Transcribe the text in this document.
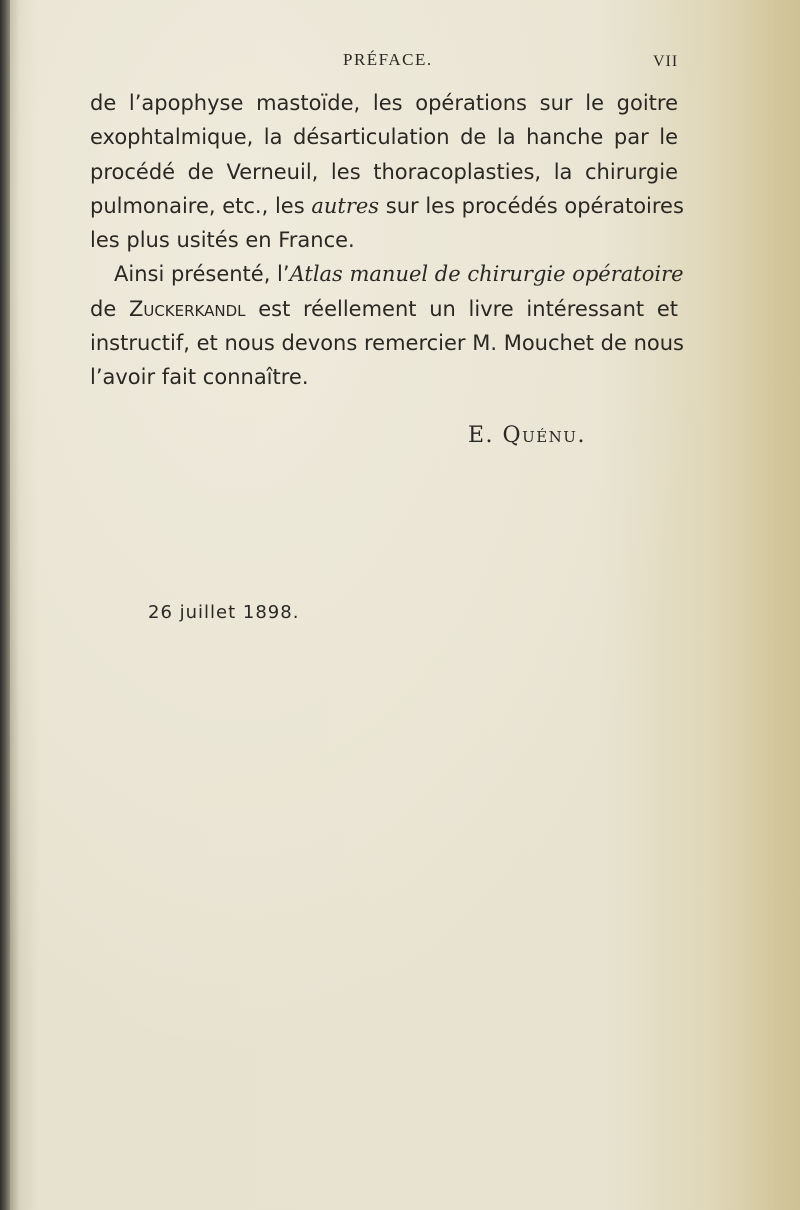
PRÉFACE.	VII
de l’apophyse mastoïde, les opérations sur le goitre
exophtalmique, la désarticulation de la hanche par le
procédé de Verneuil, les thoracoplasties, la chirurgie
pulmonaire, etc., les autres sur les procédés opératoires
les plus usités en France.
Ainsi présenté, l’Atlas manuel de chirurgie opératoire
de Zuckerkandl est réellement un livre intéressant et
instructif, et nous devons remercier M. Mouchet de nous
l’avoir fait connaître.
E. Quénu.
26 juillet 1898.
